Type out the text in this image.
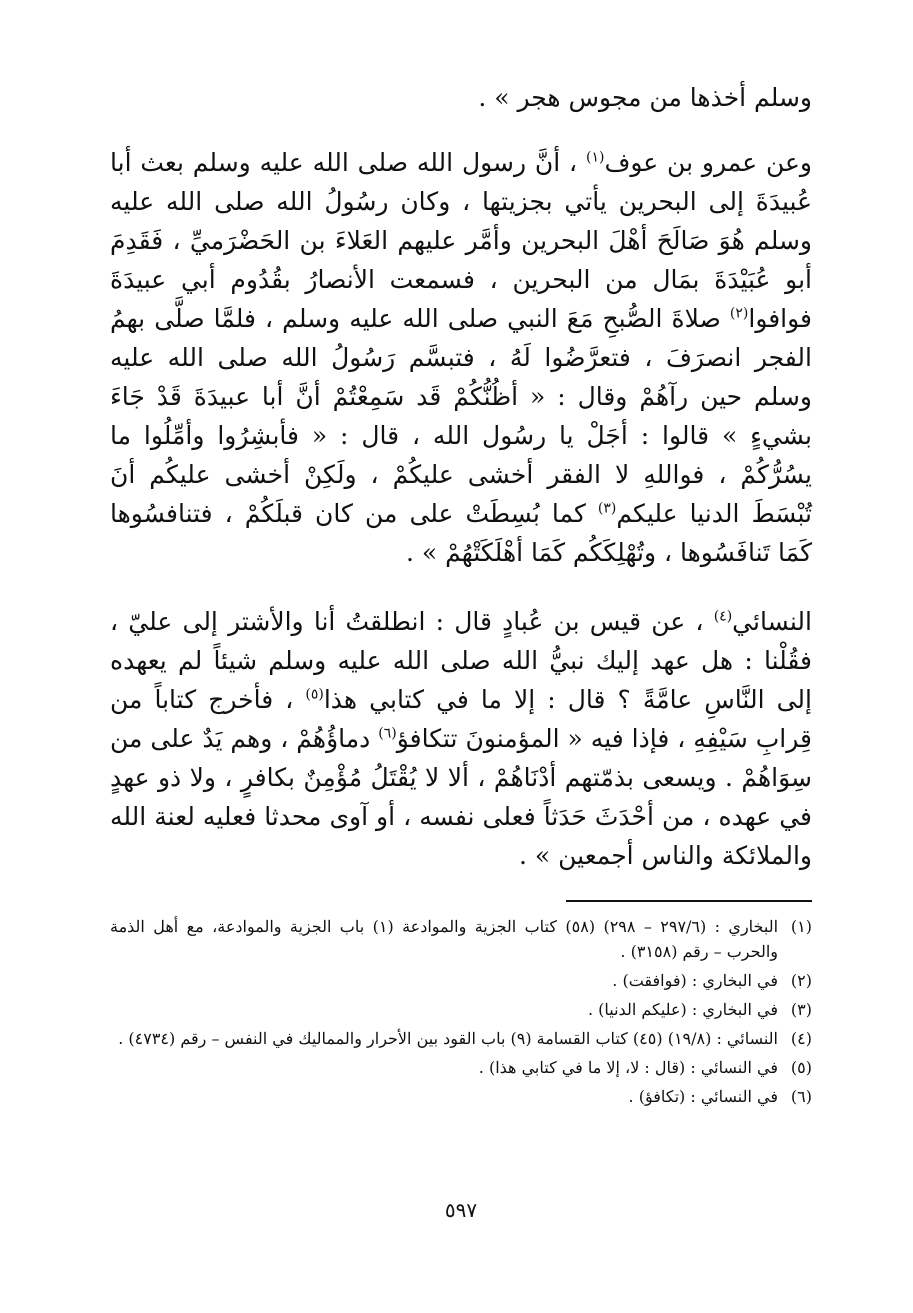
وسلم أخذها من مجوس هجر » .

وعن عمرو بن عوف$^{(١)}$ ، أنَّ رسول الله صلى الله عليه وسلم بعث أبا عُبيدَةَ إلى البحرين يأتي بجزيتها ، وكان رسُولُ الله صلى الله عليه وسلم هُوَ صَالَحَ أهْلَ البحرين وأمَّر عليهم العَلاءَ بن الحَضْرَميِّ ، فَقَدِمَ أبو عُبَيْدَةَ بمَال من البحرين ، فسمعت الأنصارُ بقُدُوم أبي عبيدَةَ فوافوا$^{(٢)}$ صلاةَ الصُّبحِ مَعَ النبي صلى الله عليه وسلم ، فلمَّا صلَّى بهمُ الفجر انصرَفَ ، فتعرَّضُوا لَهُ ، فتبسَّم رَسُولُ الله صلى الله عليه وسلم حين رآهُمْ وقال : « أظُنُّكُمْ قَد سَمِعْتُمْ أنَّ أبا عبيدَةَ قَدْ جَاءَ بشيءٍ » قالوا : أجَلْ يا رسُول الله ، قال : « فأبشِرُوا وأمِّلُوا ما يسُرُّكُمْ ، فواللهِ لا الفقر أخشى عليكُمْ ، ولَكِنْ أخشى عليكُم أنَ تُبْسَطَ الدنيا عليكم$^{(٣)}$ كما بُسِطَتْ على من كان قبلَكُمْ ، فتنافسُوها كَمَا تَنافَسُوها ، وتُهْلِكَكُم كَمَا أهْلَكَتْهُمْ » .

النسائي$^{(٤)}$ ، عن قيس بن عُبادٍ قال : انطلقتُ أنا والأشتر إلى عليّ ، فقُلْنا : هل عهد إليك نبيُّ الله صلى الله عليه وسلم شيئاً لم يعهده إلى النَّاسِ عامَّةً ؟ قال : إلا ما في كتابي هذا$^{(٥)}$ ، فأخرج كتاباً من قِرابِ سَيْفِهِ ، فإذا فيه « المؤمنونَ تتكافؤ$^{(٦)}$ دماؤُهُمْ ، وهم يَدٌ على من سِوَاهُمْ . ويسعى بذمّتهم أدْنَاهُمْ ، ألا لا يُقْتَلُ مُؤْمِنٌ بكافرٍ ، ولا ذو عهدٍ في عهده ، من أحْدَثَ حَدَثاً فعلى نفسه ، أو آوى محدثا فعليه لعنة الله والملائكة والناس أجمعين » .

(١)
البخاري : (٢٩٧/٦ – ٢٩٨) (٥٨) كتاب الجزية والموادعة (١) باب الجزية والموادعة، مع أهل الذمة والحرب – رقم (٣١٥٨) .
(٢)
في البخاري : (فوافقت) .
(٣)
في البخاري : (عليكم الدنيا) .
(٤)
النسائي : (١٩/٨) (٤٥) كتاب القسامة (٩) باب القود بين الأحرار والمماليك في النفس – رقم (٤٧٣٤) .
(٥)
في النسائي : (قال : لا، إلا ما في كتابي هذا) .
(٦)
في النسائي : (تكافؤ) .
٥٩٧
